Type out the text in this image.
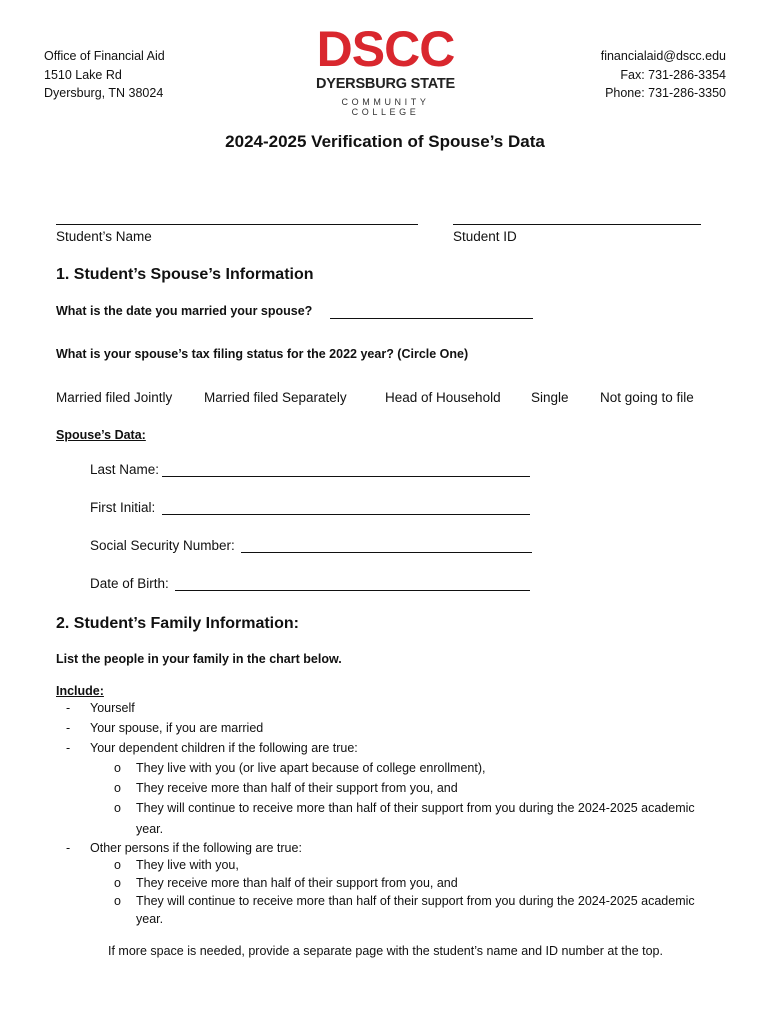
Office of Financial Aid
1510 Lake Rd
Dyersburg, TN 38024
DSCC
DYERSBURG STATE
COMMUNITY COLLEGE
financialaid@dscc.edu
Fax: 731-286-3354
Phone: 731-286-3350
2024-2025 Verification of Spouse’s Data
Student’s Name	Student ID
1. Student’s Spouse’s Information
What is the date you married your spouse?
What is your spouse’s tax filing status for the 2022 year? (Circle One)
Married filed Jointly Married filed Separately	Head of Household Single Not going to file
Spouse’s Data:
Last Name:
First Initial:
Social Security Number:
Date of Birth:
2. Student’s Family Information:
List the people in your family in the chart below.
Include:
- Yourself
- Your spouse, if you are married
- Your dependent children if the following are true:
o They live with you (or live apart because of college enrollment),
o They receive more than half of their support from you, and
o They will continue to receive more than half of their support from you during the 2024-2025 academic
year.
- Other persons if the following are true:
o They live with you,
o They receive more than half of their support from you, and
o They will continue to receive more than half of their support from you during the 2024-2025 academic
year.
If more space is needed, provide a separate page with the student’s name and ID number at the top.
